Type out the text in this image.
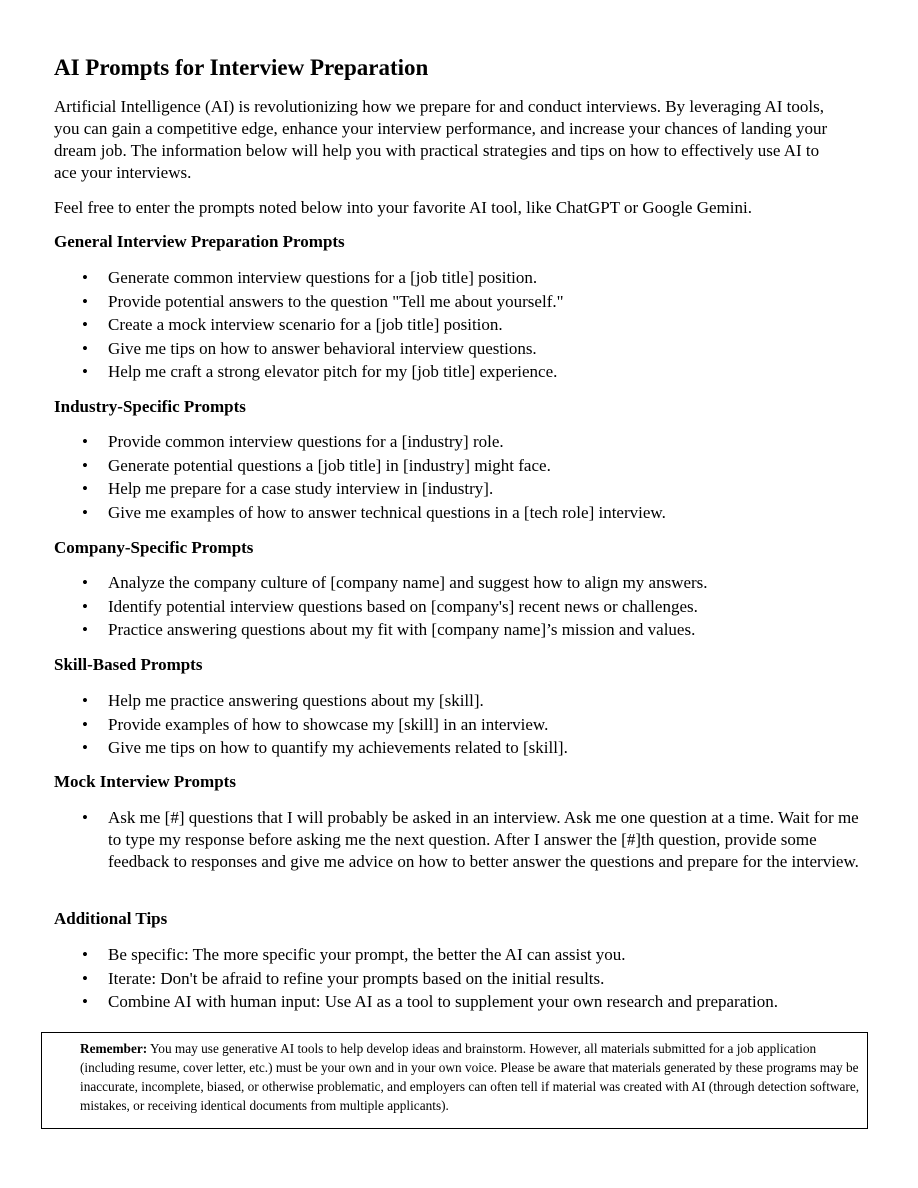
AI Prompts for Interview Preparation

Artificial Intelligence (AI) is revolutionizing how we prepare for and conduct interviews. By leveraging AI tools, you can gain a competitive edge, enhance your interview performance, and increase your chances of landing your dream job. The information below will help you with practical strategies and tips on how to effectively use AI to ace your interviews.

Feel free to enter the prompts noted below into your favorite AI tool, like ChatGPT or Google Gemini.

General Interview Preparation Prompts
• Generate common interview questions for a [job title] position.
• Provide potential answers to the question "Tell me about yourself."
• Create a mock interview scenario for a [job title] position.
• Give me tips on how to answer behavioral interview questions.
• Help me craft a strong elevator pitch for my [job title] experience.
Industry-Specific Prompts
• Provide common interview questions for a [industry] role.
• Generate potential questions a [job title] in [industry] might face.
• Help me prepare for a case study interview in [industry].
• Give me examples of how to answer technical questions in a [tech role] interview.
Company-Specific Prompts
• Analyze the company culture of [company name] and suggest how to align my answers.
• Identify potential interview questions based on [company's] recent news or challenges.
• Practice answering questions about my fit with [company name]’s mission and values.
Skill-Based Prompts
• Help me practice answering questions about my [skill].
• Provide examples of how to showcase my [skill] in an interview.
• Give me tips on how to quantify my achievements related to [skill].
Mock Interview Prompts
• Ask me [#] questions that I will probably be asked in an interview. Ask me one question at a time. Wait for me to type my response before asking me the next question. After I answer the [#]th question, provide some feedback to responses and give me advice on how to better answer the questions and prepare for the interview.
Additional Tips
• Be specific: The more specific your prompt, the better the AI can assist you.
• Iterate: Don't be afraid to refine your prompts based on the initial results.
• Combine AI with human input: Use AI as a tool to supplement your own research and preparation.

Remember: You may use generative AI tools to help develop ideas and brainstorm. However, all materials submitted for a job application (including resume, cover letter, etc.) must be your own and in your own voice. Please be aware that materials generated by these programs may be inaccurate, incomplete, biased, or otherwise problematic, and employers can often tell if material was created with AI (through detection software, mistakes, or receiving identical documents from multiple applicants).
